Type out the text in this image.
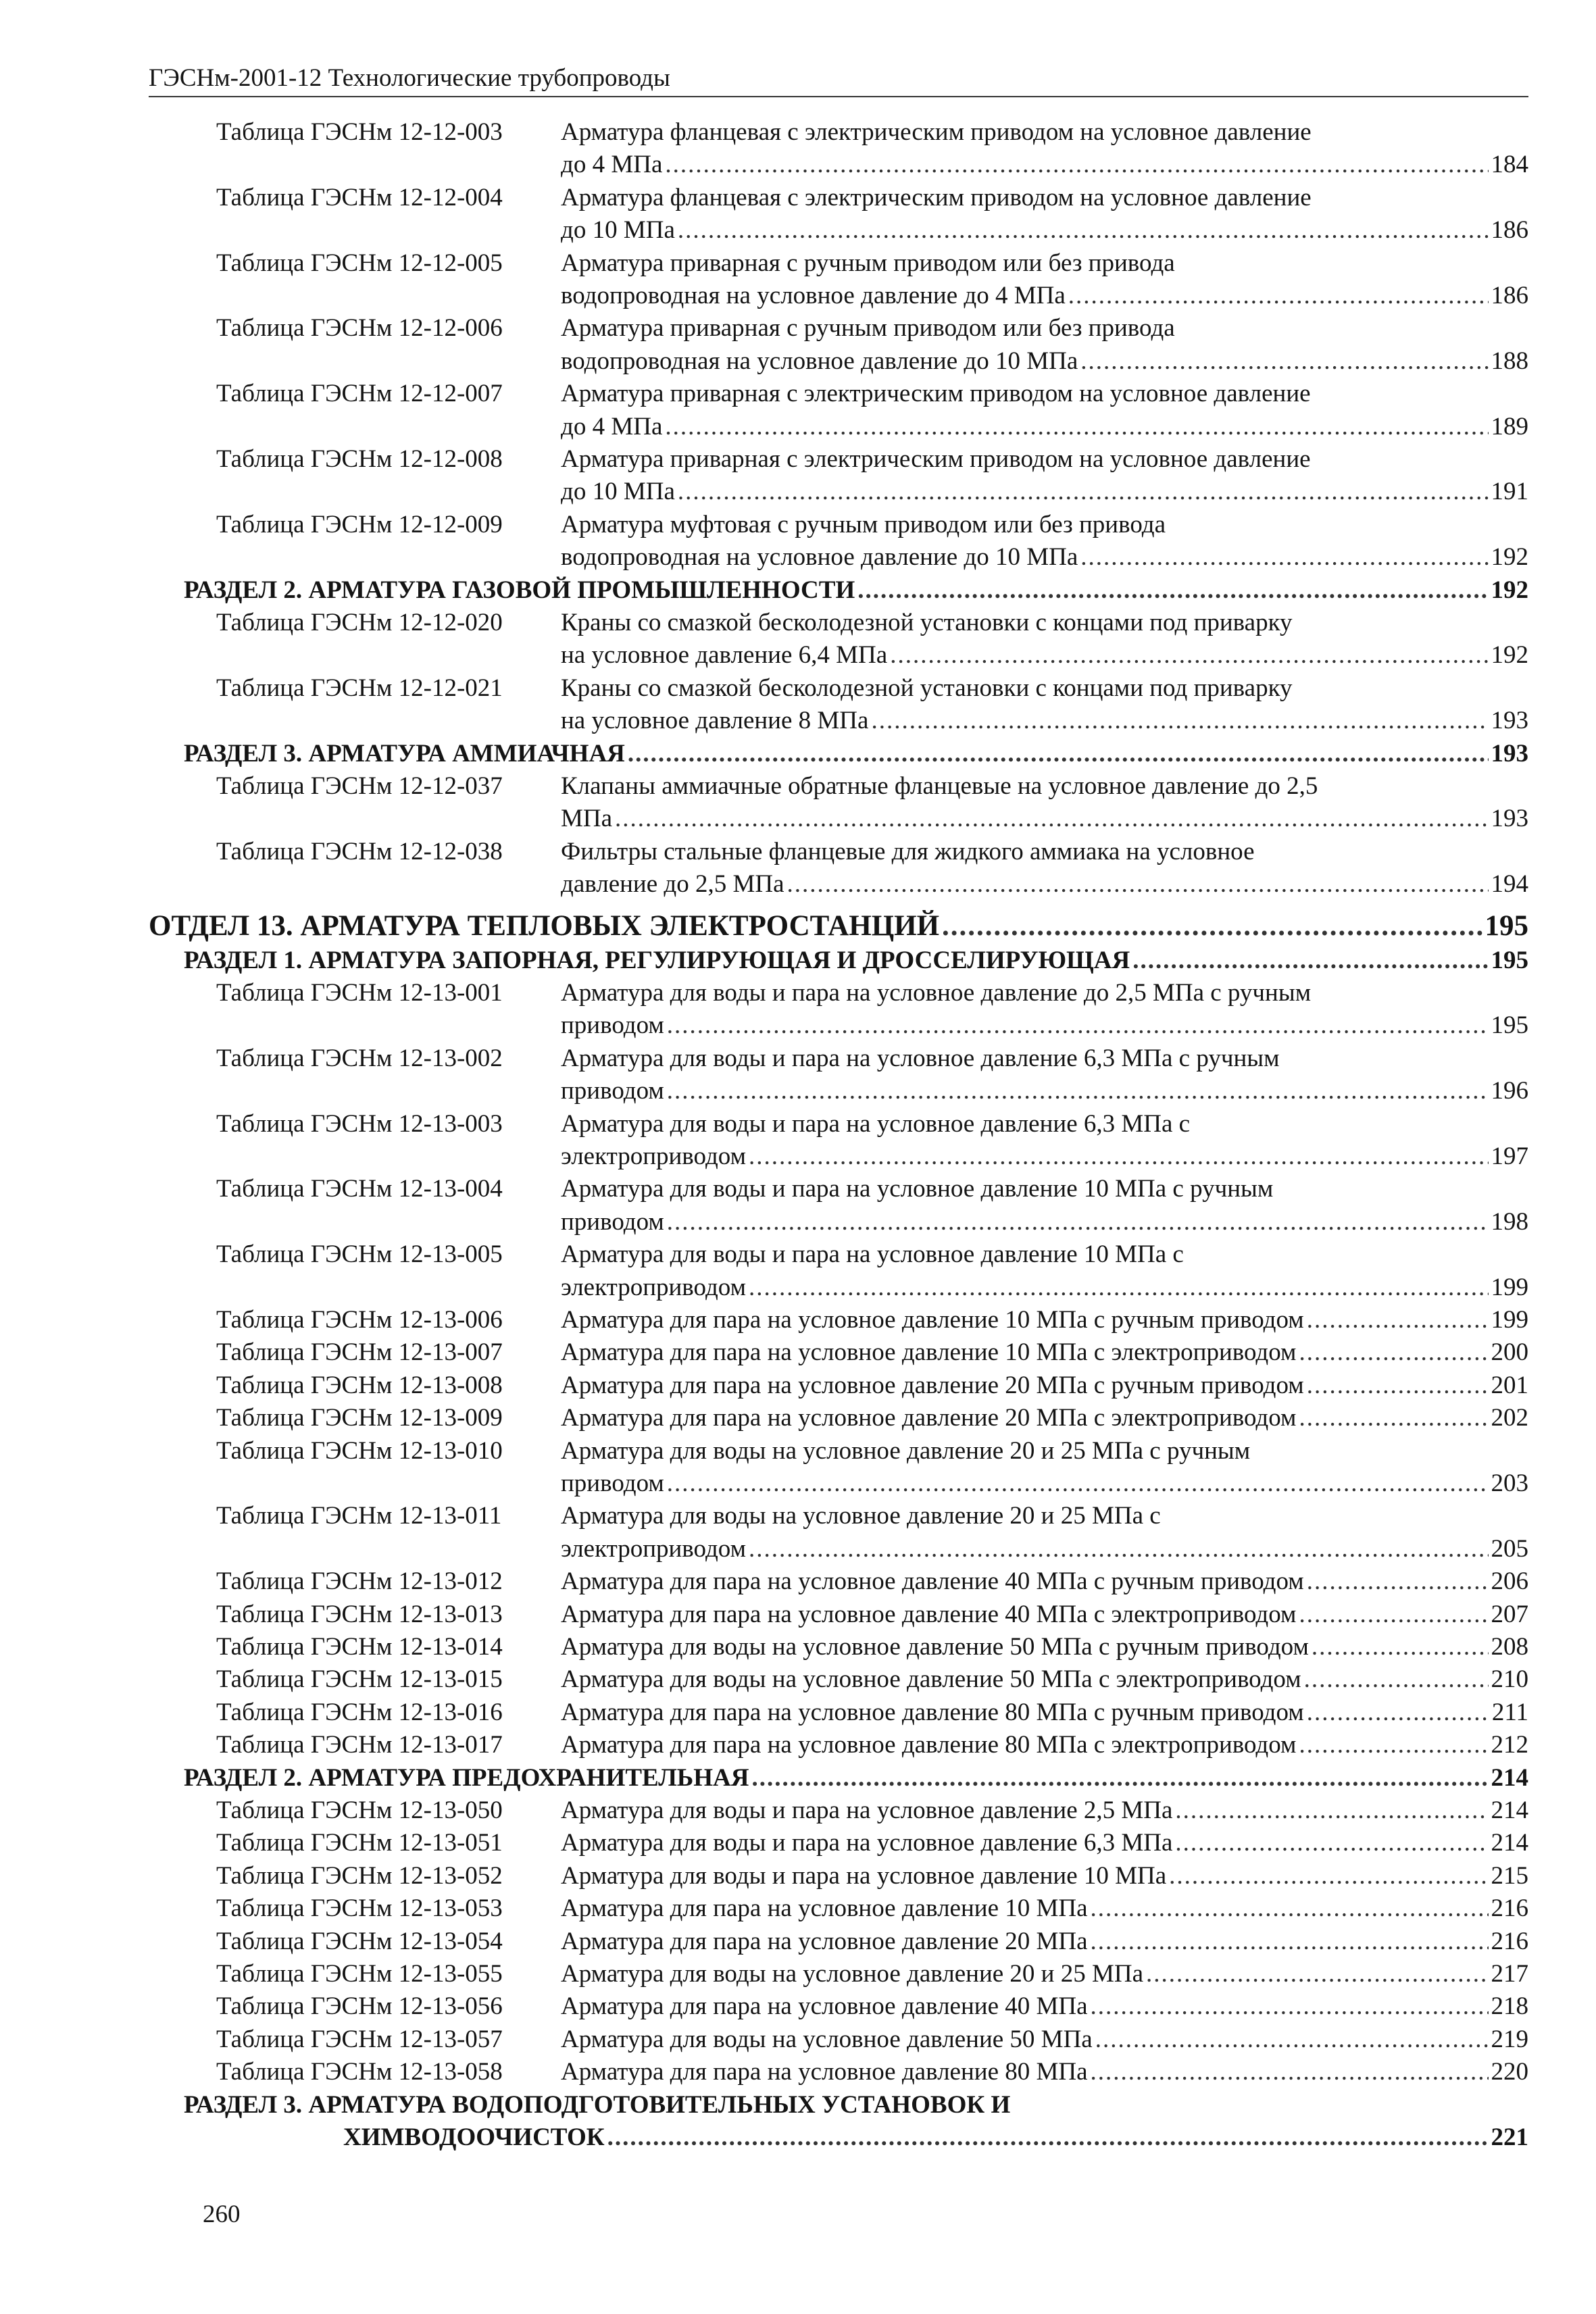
ГЭСНм-2001-12 Технологические трубопроводы
Таблица ГЭСНм 12-12-003 Арматура фланцевая с электрическим приводом на условное давление
до 4 МПа .....	184
Таблица ГЭСНм 12-12-004 Арматура фланцевая с электрическим приводом на условное давление
до 10 МПа .....	186
Таблица ГЭСНм 12-12-005 Арматура приварная с ручным приводом или без привода
водопроводная на условное давление до 4 МПа .....	186
Таблица ГЭСНм 12-12-006 Арматура приварная с ручным приводом или без привода
водопроводная на условное давление до 10 МПа .....	188
Таблица ГЭСНм 12-12-007 Арматура приварная с электрическим приводом на условное давление
до 4 МПа .....	189
Таблица ГЭСНм 12-12-008 Арматура приварная с электрическим приводом на условное давление
до 10 МПа .....	191
Таблица ГЭСНм 12-12-009 Арматура муфтовая с ручным приводом или без привода
водопроводная на условное давление до 10 МПа .....	192
РАЗДЕЛ 2. АРМАТУРА ГАЗОВОЙ ПРОМЫШЛЕННОСТИ .....	192
Таблица ГЭСНм 12-12-020 Краны со смазкой бесколодезной установки с концами под приварку
на условное давление 6,4 МПа .....	192
Таблица ГЭСНм 12-12-021 Краны со смазкой бесколодезной установки с концами под приварку
на условное давление 8 МПа .....	193
РАЗДЕЛ 3. АРМАТУРА АММИАЧНАЯ .....	193
Таблица ГЭСНм 12-12-037 Клапаны аммиачные обратные фланцевые на условное давление до 2,5
МПа .....	193
Таблица ГЭСНм 12-12-038 Фильтры стальные фланцевые для жидкого аммиака на условное
давление до 2,5 МПа .....	194
ОТДЕЛ 13. АРМАТУРА ТЕПЛОВЫХ ЭЛЕКТРОСТАНЦИЙ .....	195
РАЗДЕЛ 1. АРМАТУРА ЗАПОРНАЯ, РЕГУЛИРУЮЩАЯ И ДРОССЕЛИРУЮЩАЯ .....	195
Таблица ГЭСНм 12-13-001 Арматура для воды и пара на условное давление до 2,5 МПа с ручным
приводом .....	195
Таблица ГЭСНм 12-13-002 Арматура для воды и пара на условное давление 6,3 МПа с ручным
приводом .....	196
Таблица ГЭСНм 12-13-003 Арматура для воды и пара на условное давление 6,3 МПа с
электроприводом .....	197
Таблица ГЭСНм 12-13-004 Арматура для воды и пара на условное давление 10 МПа с ручным
приводом .....	198
Таблица ГЭСНм 12-13-005 Арматура для воды и пара на условное давление 10 МПа с
электроприводом .....	199
Таблица ГЭСНм 12-13-006 Арматура для пара на условное давление 10 МПа с ручным приводом .....	199
Таблица ГЭСНм 12-13-007 Арматура для пара на условное давление 10 МПа с электроприводом .....	200
Таблица ГЭСНм 12-13-008 Арматура для пара на условное давление 20 МПа с ручным приводом .....	201
Таблица ГЭСНм 12-13-009 Арматура для пара на условное давление 20 МПа с электроприводом .....	202
Таблица ГЭСНм 12-13-010 Арматура для воды на условное давление 20 и 25 МПа с ручным
приводом .....	203
Таблица ГЭСНм 12-13-011 Арматура для воды на условное давление 20 и 25 МПа с
электроприводом .....	205
Таблица ГЭСНм 12-13-012 Арматура для пара на условное давление 40 МПа с ручным приводом .....	206
Таблица ГЭСНм 12-13-013 Арматура для пара на условное давление 40 МПа с электроприводом .....	207
Таблица ГЭСНм 12-13-014 Арматура для воды на условное давление 50 МПа с ручным приводом .....	208
Таблица ГЭСНм 12-13-015 Арматура для воды на условное давление 50 МПа с электроприводом .....	210
Таблица ГЭСНм 12-13-016 Арматура для пара на условное давление 80 МПа с ручным приводом .....	211
Таблица ГЭСНм 12-13-017 Арматура для пара на условное давление 80 МПа с электроприводом .....	212
РАЗДЕЛ 2. АРМАТУРА ПРЕДОХРАНИТЕЛЬНАЯ .....	214
Таблица ГЭСНм 12-13-050 Арматура для воды и пара на условное давление 2,5 МПа .....	214
Таблица ГЭСНм 12-13-051 Арматура для воды и пара на условное давление 6,3 МПа .....	214
Таблица ГЭСНм 12-13-052 Арматура для воды и пара на условное давление 10 МПа .....	215
Таблица ГЭСНм 12-13-053 Арматура для пара на условное давление 10 МПа .....	216
Таблица ГЭСНм 12-13-054 Арматура для пара на условное давление 20 МПа .....	216
Таблица ГЭСНм 12-13-055 Арматура для воды на условное давление 20 и 25 МПа .....	217
Таблица ГЭСНм 12-13-056 Арматура для пара на условное давление 40 МПа .....	218
Таблица ГЭСНм 12-13-057 Арматура для воды на условное давление 50 МПа .....	219
Таблица ГЭСНм 12-13-058 Арматура для пара на условное давление 80 МПа .....	220
РАЗДЕЛ 3. АРМАТУРА ВОДОПОДГОТОВИТЕЛЬНЫХ УСТАНОВОК И
ХИМВОДООЧИСТОК .....	221
260
